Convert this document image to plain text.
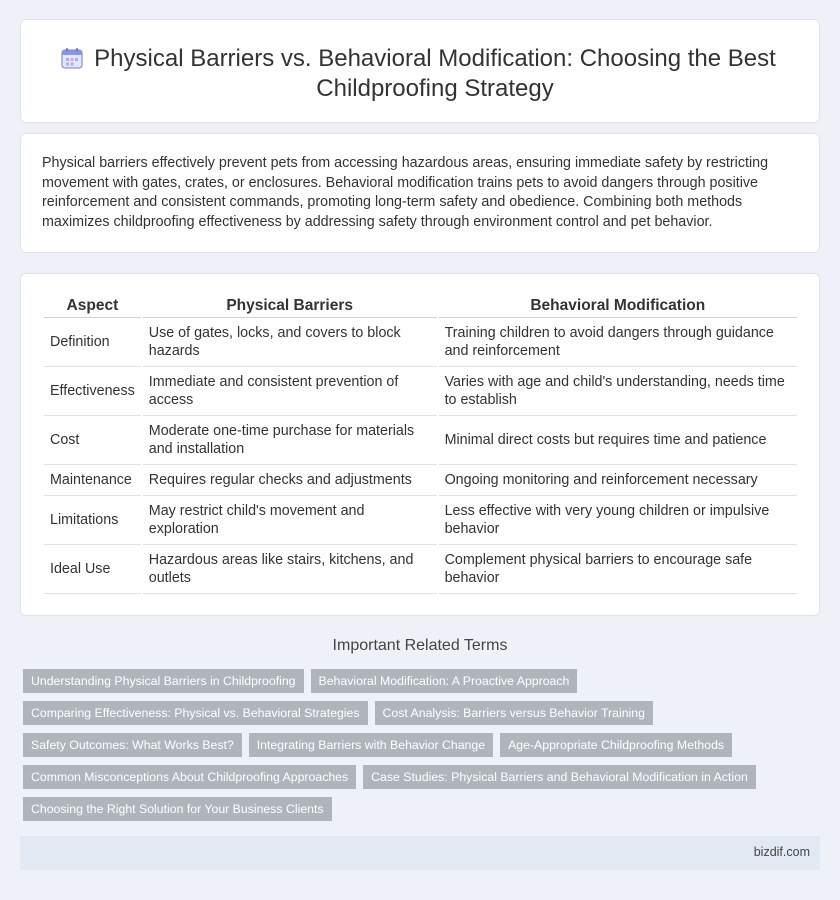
Physical Barriers vs. Behavioral Modification: Choosing the Best Childproofing Strategy

Physical barriers effectively prevent pets from accessing hazardous areas, ensuring immediate safety by restricting movement with gates, crates, or enclosures. Behavioral modification trains pets to avoid dangers through positive reinforcement and consistent commands, promoting long-term safety and obedience. Combining both methods maximizes childproofing effectiveness by addressing safety through environment control and pet behavior.

Aspect	Physical Barriers	Behavioral Modification
Definition	Use of gates, locks, and covers to block hazards	Training children to avoid dangers through guidance and reinforcement
Effectiveness	Immediate and consistent prevention of access	Varies with age and child's understanding, needs time to establish
Cost	Moderate one-time purchase for materials and installation	Minimal direct costs but requires time and patience
Maintenance	Requires regular checks and adjustments	Ongoing monitoring and reinforcement necessary
Limitations	May restrict child's movement and exploration	Less effective with very young children or impulsive behavior
Ideal Use	Hazardous areas like stairs, kitchens, and outlets	Complement physical barriers to encourage safe behavior
Important Related Terms
Understanding Physical Barriers in Childproofing	Behavioral Modification: A Proactive Approach
Comparing Effectiveness: Physical vs. Behavioral Strategies	Cost Analysis: Barriers versus Behavior Training
Safety Outcomes: What Works Best?	Integrating Barriers with Behavior Change	Age-Appropriate Childproofing Methods
Common Misconceptions About Childproofing Approaches	Case Studies: Physical Barriers and Behavioral Modification in Action
Choosing the Right Solution for Your Business Clients
bizdif.com
